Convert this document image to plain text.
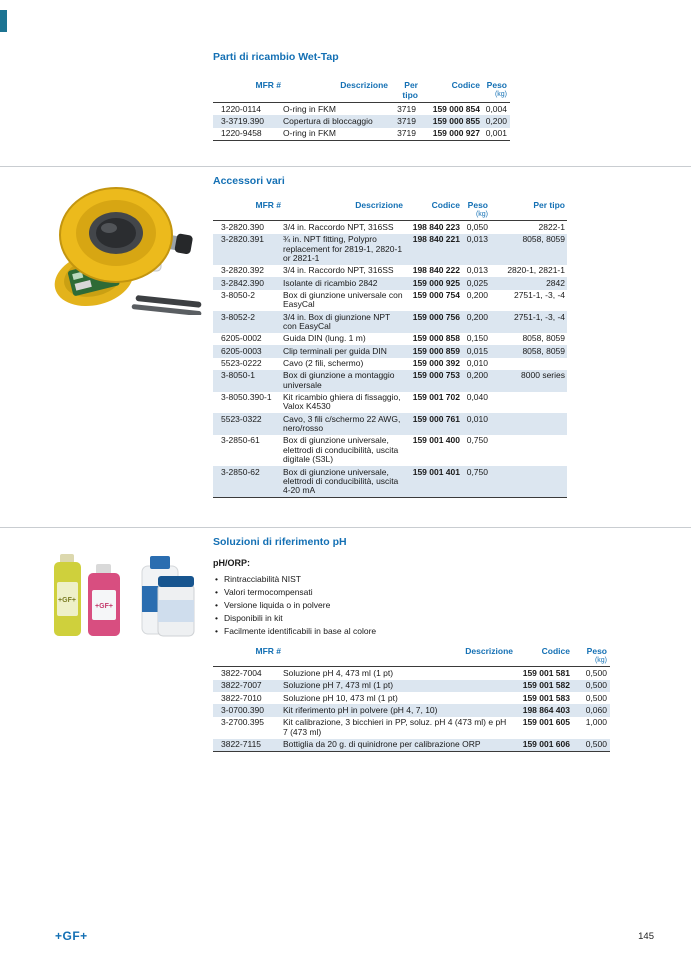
Parti di ricambio Wet-Tap
MFR #	Descrizione	Per
tipo

Codice	Peso
(kg)

1220-0114	O-ring in FKM	3719	159 000 854	0,004
3-3719.390	Copertura di bloccaggio	3719	159 000 855	0,200
1220-9458	O-ring in FKM	3719	159 000 927	0,001
Accessori vari
MFR #	Descrizione	Codice	Peso
(kg)	Per tipo

3-2820.390	3/4 in. Raccordo NPT, 316SS	198 840 223	0,050	2822-1
3-2820.391	¾ in. NPT fitting, Polypro replacement for 2819-1, 2820-1 or 2821-1	198 840 221	0,013	8058, 8059
3-2820.392	3/4 in. Raccordo NPT, 316SS	198 840 222	0,013	2820-1, 2821-1
3-2842.390	Isolante di ricambio 2842	159 000 925	0,025	2842
3-8050-2	Box di giunzione universale con EasyCal	159 000 754	0,200	2751-1, -3, -4
3-8052-2	3/4 in. Box di giunzione NPT con EasyCal	159 000 756	0,200	2751-1, -3, -4
6205-0002	Guida DIN (lung. 1 m)	159 000 858	0,150	8058, 8059
6205-0003	Clip terminali per guida DIN	159 000 859	0,015	8058, 8059
5523-0222	Cavo (2 fili, schermo)	159 000 392	0,010	
3-8050-1	Box di giunzione a montaggio universale	159 000 753	0,200	8000 series
3-8050.390-1	Kit ricambio ghiera di fissaggio, Valox K4530	159 001 702	0,040	
5523-0322	Cavo, 3 fili c/schermo 22 AWG, nero/rosso	159 000 761	0,010	
3-2850-61	Box di giunzione universale, elettrodi di conducibilità, uscita digitale (S3L)	159 001 400	0,750	
3-2850-62	Box di giunzione universale, elettrodi di conducibilità, uscita 4-20 mA	159 001 401	0,750	
Soluzioni di riferimento pH
+GF+
+GF+
pH/ORP:
• Rintracciabilità NIST
• Valori termocompensati
• Versione liquida o in polvere
• Disponibili in kit
• Facilmente identificabili in base al colore
MFR #	Descrizione	Codice	Peso
(kg)

3822-7004	Soluzione pH 4, 473 ml (1 pt)	159 001 581	0,500
3822-7007	Soluzione pH 7, 473 ml (1 pt)	159 001 582	0,500
3822-7010	Soluzione pH 10, 473 ml (1 pt)	159 001 583	0,500
3-0700.390	Kit riferimento pH in polvere (pH 4, 7, 10)	198 864 403	0,060
3-2700.395	Kit calibrazione, 3 bicchieri in PP, soluz. pH 4 (473 ml) e pH 7 (473 ml)	159 001 605	1,000
3822-7115	Bottiglia da 20 g. di quinidrone per calibrazione ORP	159 001 606	0,500
+GF+	145
